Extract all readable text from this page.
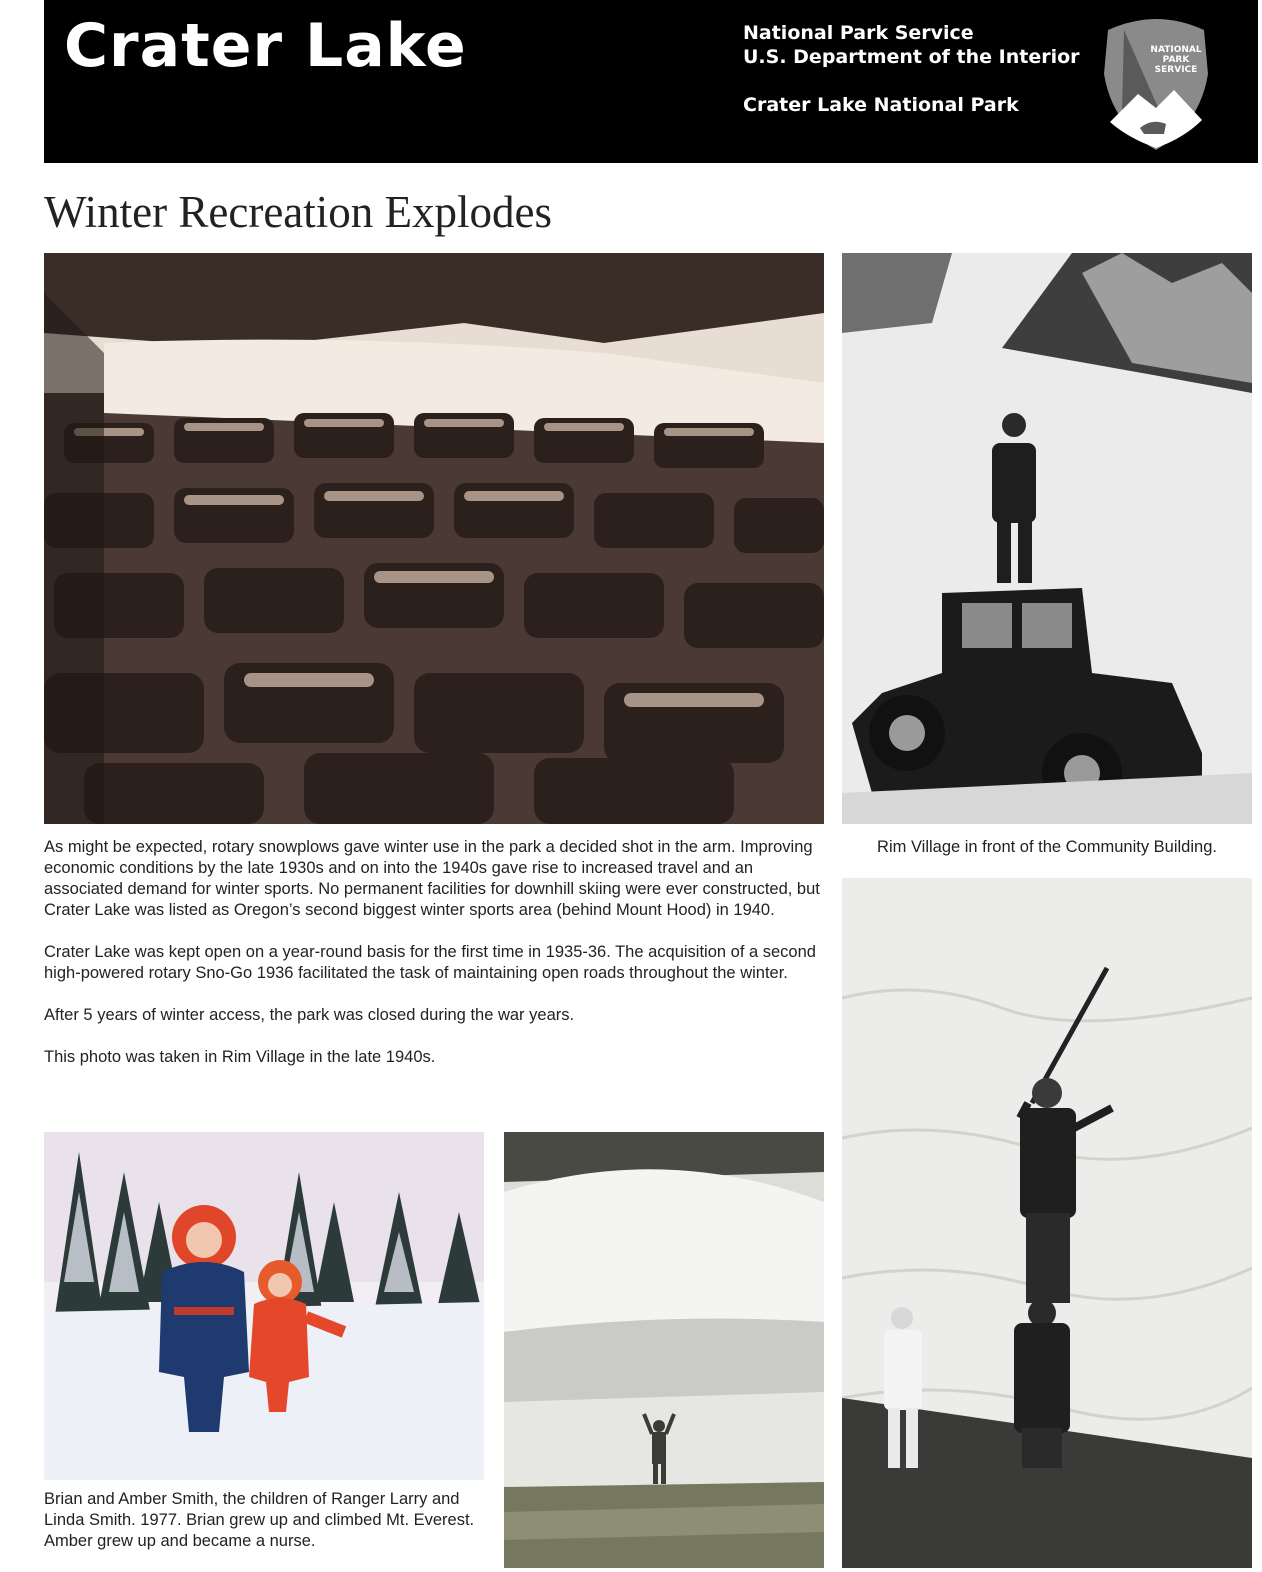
Crater Lake	National Park Service
U.S. Department of the Interior
Crater Lake National Park
NATIONAL
PARK
SERVICE
Winter Recreation Explodes

As might be expected, rotary snowplows gave winter use in the park a decided shot in the arm. Improving economic conditions by the late 1930s and on into the 1940s gave rise to increased travel and an associated demand for winter sports. No permanent facilities for downhill skiing were ever constructed, but Crater Lake was listed as Oregon’s second biggest winter sports area (behind Mount Hood) in 1940.

Crater Lake was kept open on a year-round basis for the first time in 1935-36. The acquisition of a second high-powered rotary Sno-Go 1936 facilitated the task of maintaining open roads throughout the winter.

After 5 years of winter access, the park was closed during the war years.

This photo was taken in Rim Village in the late 1940s.

Rim Village in front of the Community Building.
Brian and Amber Smith, the children of Ranger Larry and Linda Smith. 1977. Brian grew up and climbed Mt. Everest. Amber grew up and became a nurse.
